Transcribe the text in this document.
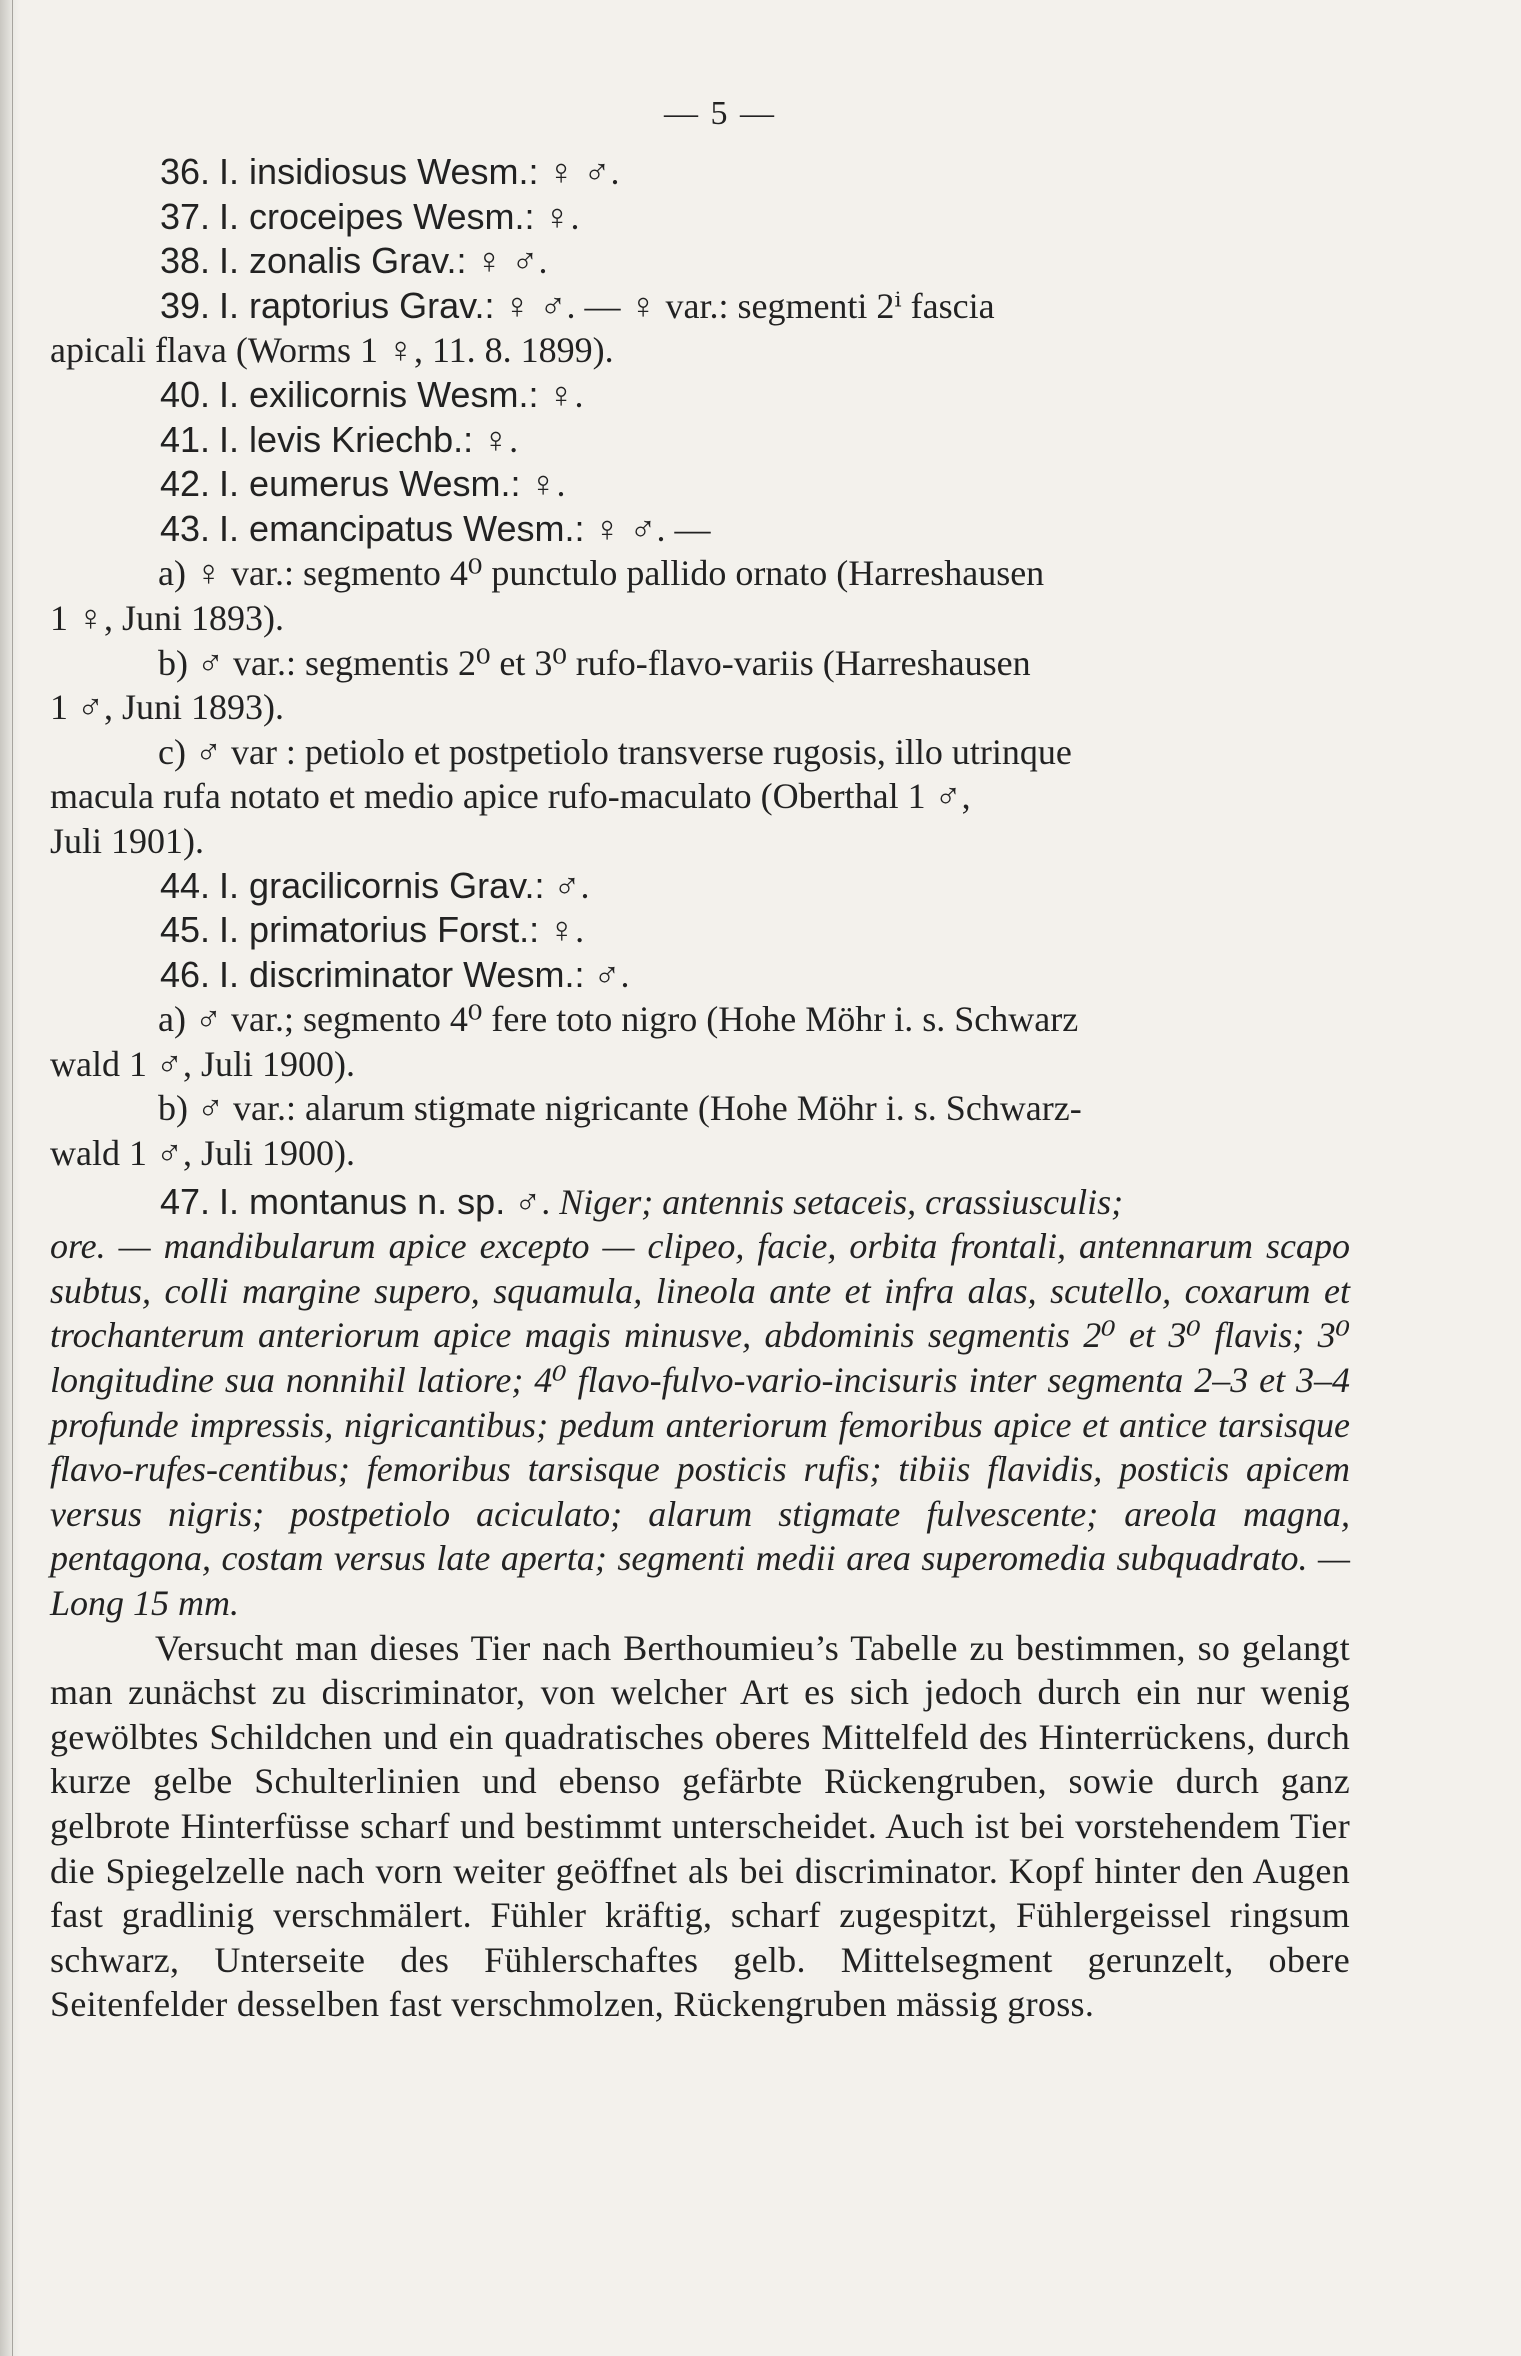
— 5 —
36. I. insidiosus Wesm.: ♀ ♂.
37. I. croceipes Wesm.: ♀.
38. I. zonalis Grav.: ♀ ♂.
39. I. raptorius Grav.: ♀ ♂. — ♀ var.: segmenti 2ⁱ fascia
apicali flava (Worms 1 ♀, 11. 8. 1899).
40. I. exilicornis Wesm.: ♀.
41. I. levis Kriechb.: ♀.
42. I. eumerus Wesm.: ♀.
43. I. emancipatus Wesm.: ♀ ♂. —
a) ♀ var.: segmento 4⁰ punctulo pallido ornato (Harreshausen
1 ♀, Juni 1893).
b) ♂ var.: segmentis 2⁰ et 3⁰ rufo-flavo-variis (Harreshausen
1 ♂, Juni 1893).
c) ♂ var : petiolo et postpetiolo transverse rugosis, illo utrinque
macula rufa notato et medio apice rufo-maculato (Oberthal 1 ♂,
Juli 1901).
44. I. gracilicornis Grav.: ♂.
45. I. primatorius Forst.: ♀.
46. I. discriminator Wesm.: ♂.
a) ♂ var.; segmento 4⁰ fere toto nigro (Hohe Möhr i. s. Schwarz
wald 1 ♂, Juli 1900).
b) ♂ var.: alarum stigmate nigricante (Hohe Möhr i. s. Schwarz-
wald 1 ♂, Juli 1900).
47. I. montanus n. sp. ♂. Niger; antennis setaceis, crassiusculis;
ore. — mandibularum apice excepto — clipeo, facie, orbita frontali, antennarum scapo subtus, colli margine supero, squamula, lineola ante et infra alas, scutello, coxarum et trochanterum anteriorum apice magis minusve, abdominis segmentis 2⁰ et 3⁰ flavis; 3⁰ longitudine sua nonnihil latiore; 4⁰ flavo-fulvo-vario-incisuris inter segmenta 2–3 et 3–4 profunde impressis, nigricantibus; pedum anteriorum femoribus apice et antice tarsisque flavo-rufes-centibus; femoribus tarsisque posticis rufis; tibiis flavidis, posticis apicem versus nigris; postpetiolo aciculato; alarum stigmate fulvescente; areola magna, pentagona, costam versus late aperta; segmenti medii area superomedia subquadrato. — Long 15 mm.
Versucht man dieses Tier nach Berthoumieu’s Tabelle zu bestimmen, so gelangt man zunächst zu discriminator, von welcher Art es sich jedoch durch ein nur wenig gewölbtes Schildchen und ein quadratisches oberes Mittelfeld des Hinterrückens, durch kurze gelbe Schulterlinien und ebenso gefärbte Rückengruben, sowie durch ganz gelbrote Hinterfüsse scharf und bestimmt unterscheidet. Auch ist bei vorstehendem Tier die Spiegelzelle nach vorn weiter geöffnet als bei discriminator. Kopf hinter den Augen fast gradlinig verschmälert. Fühler kräftig, scharf zugespitzt, Fühlergeissel ringsum schwarz, Unterseite des Fühlerschaftes gelb. Mittelsegment gerunzelt, obere Seitenfelder desselben fast verschmolzen, Rückengruben mässig gross.
